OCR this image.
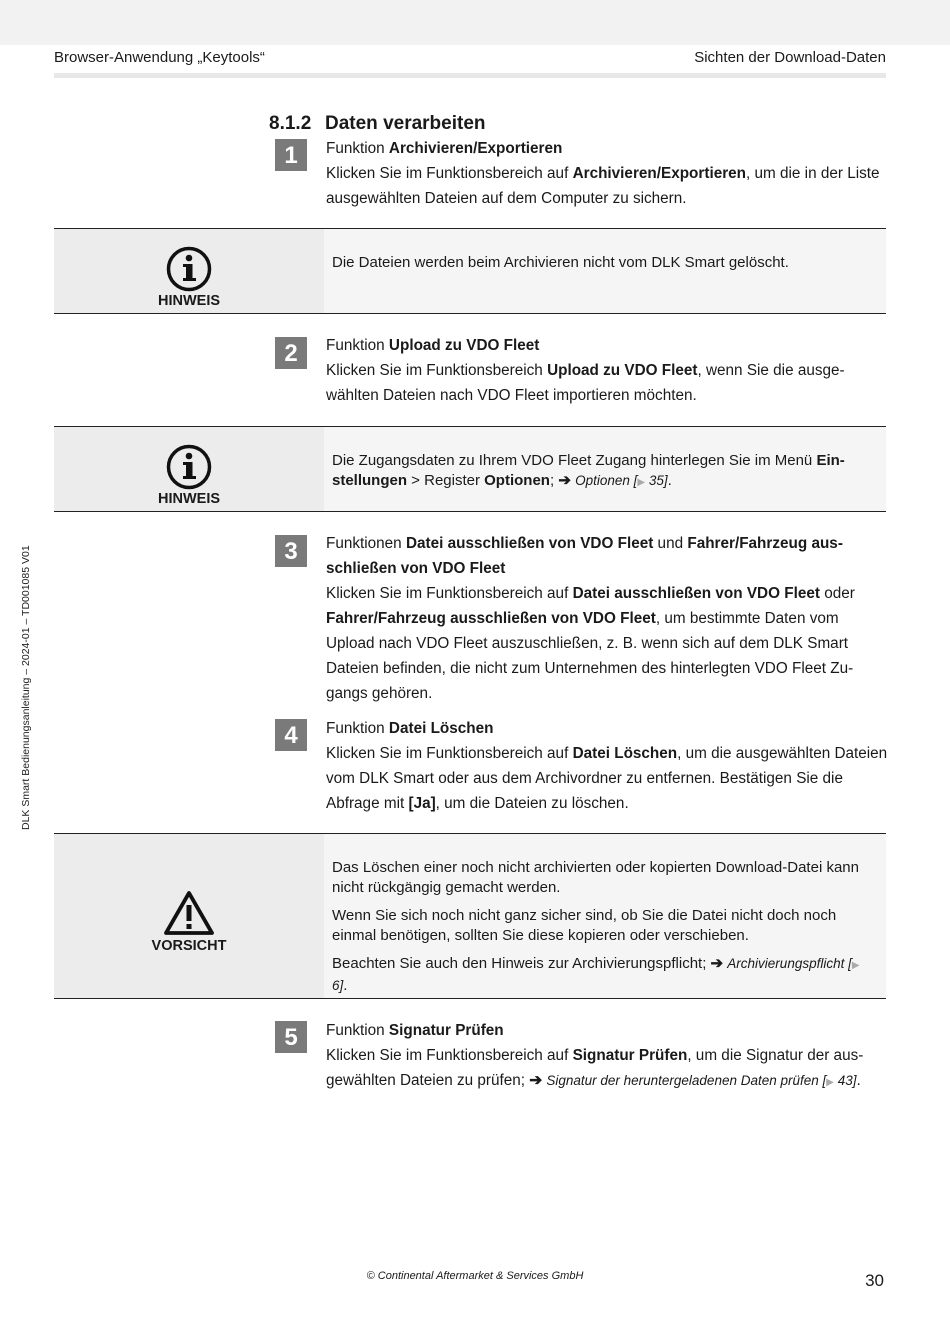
Browser-Anwendung „Keytools“	Sichten der Download-Daten
DLK Smart Bedienungsanleitung – 2024-01 – TD001085 V01
8.1.2 Daten verarbeiten
1	Funktion Archivieren/Exportieren
Klicken Sie im Funktionsbereich auf Archivieren/Exportieren, um die in der Liste ausgewählten Dateien auf dem Computer zu sichern.
HINWEIS
Die Dateien werden beim Archivieren nicht vom DLK Smart gelöscht.
2	Funktion Upload zu VDO Fleet
Klicken Sie im Funktionsbereich Upload zu VDO Fleet, wenn Sie die ausgewählten Dateien nach VDO Fleet importieren möchten.
HINWEIS
Die Zugangsdaten zu Ihrem VDO Fleet Zugang hinterlegen Sie im Menü Einstellungen > Register Optionen; ➔ Optionen [▶ 35].
3	Funktionen Datei ausschließen von VDO Fleet und Fahrer/Fahrzeug ausschließen von VDO Fleet
Klicken Sie im Funktionsbereich auf Datei ausschließen von VDO Fleet oder Fahrer/Fahrzeug ausschließen von VDO Fleet, um bestimmte Daten vom Upload nach VDO Fleet auszuschließen, z. B. wenn sich auf dem DLK Smart Dateien befinden, die nicht zum Unternehmen des hinterlegten VDO Fleet Zugangs gehören.
4	Funktion Datei Löschen
Klicken Sie im Funktionsbereich auf Datei Löschen, um die ausgewählten Dateien vom DLK Smart oder aus dem Archivordner zu entfernen. Bestätigen Sie die Abfrage mit [Ja], um die Dateien zu löschen.
VORSICHT

Das Löschen einer noch nicht archivierten oder kopierten Download-Datei kann nicht rückgängig gemacht werden.

Wenn Sie sich noch nicht ganz sicher sind, ob Sie die Datei nicht doch noch einmal benötigen, sollten Sie diese kopieren oder verschieben.

Beachten Sie auch den Hinweis zur Archivierungspflicht; ➔ Archivierungspflicht [▶ 6].

5	Funktion Signatur Prüfen
Klicken Sie im Funktionsbereich auf Signatur Prüfen, um die Signatur der ausgewählten Dateien zu prüfen; ➔ Signatur der heruntergeladenen Daten prüfen [▶ 43].
© Continental Aftermarket & Services GmbH	30
